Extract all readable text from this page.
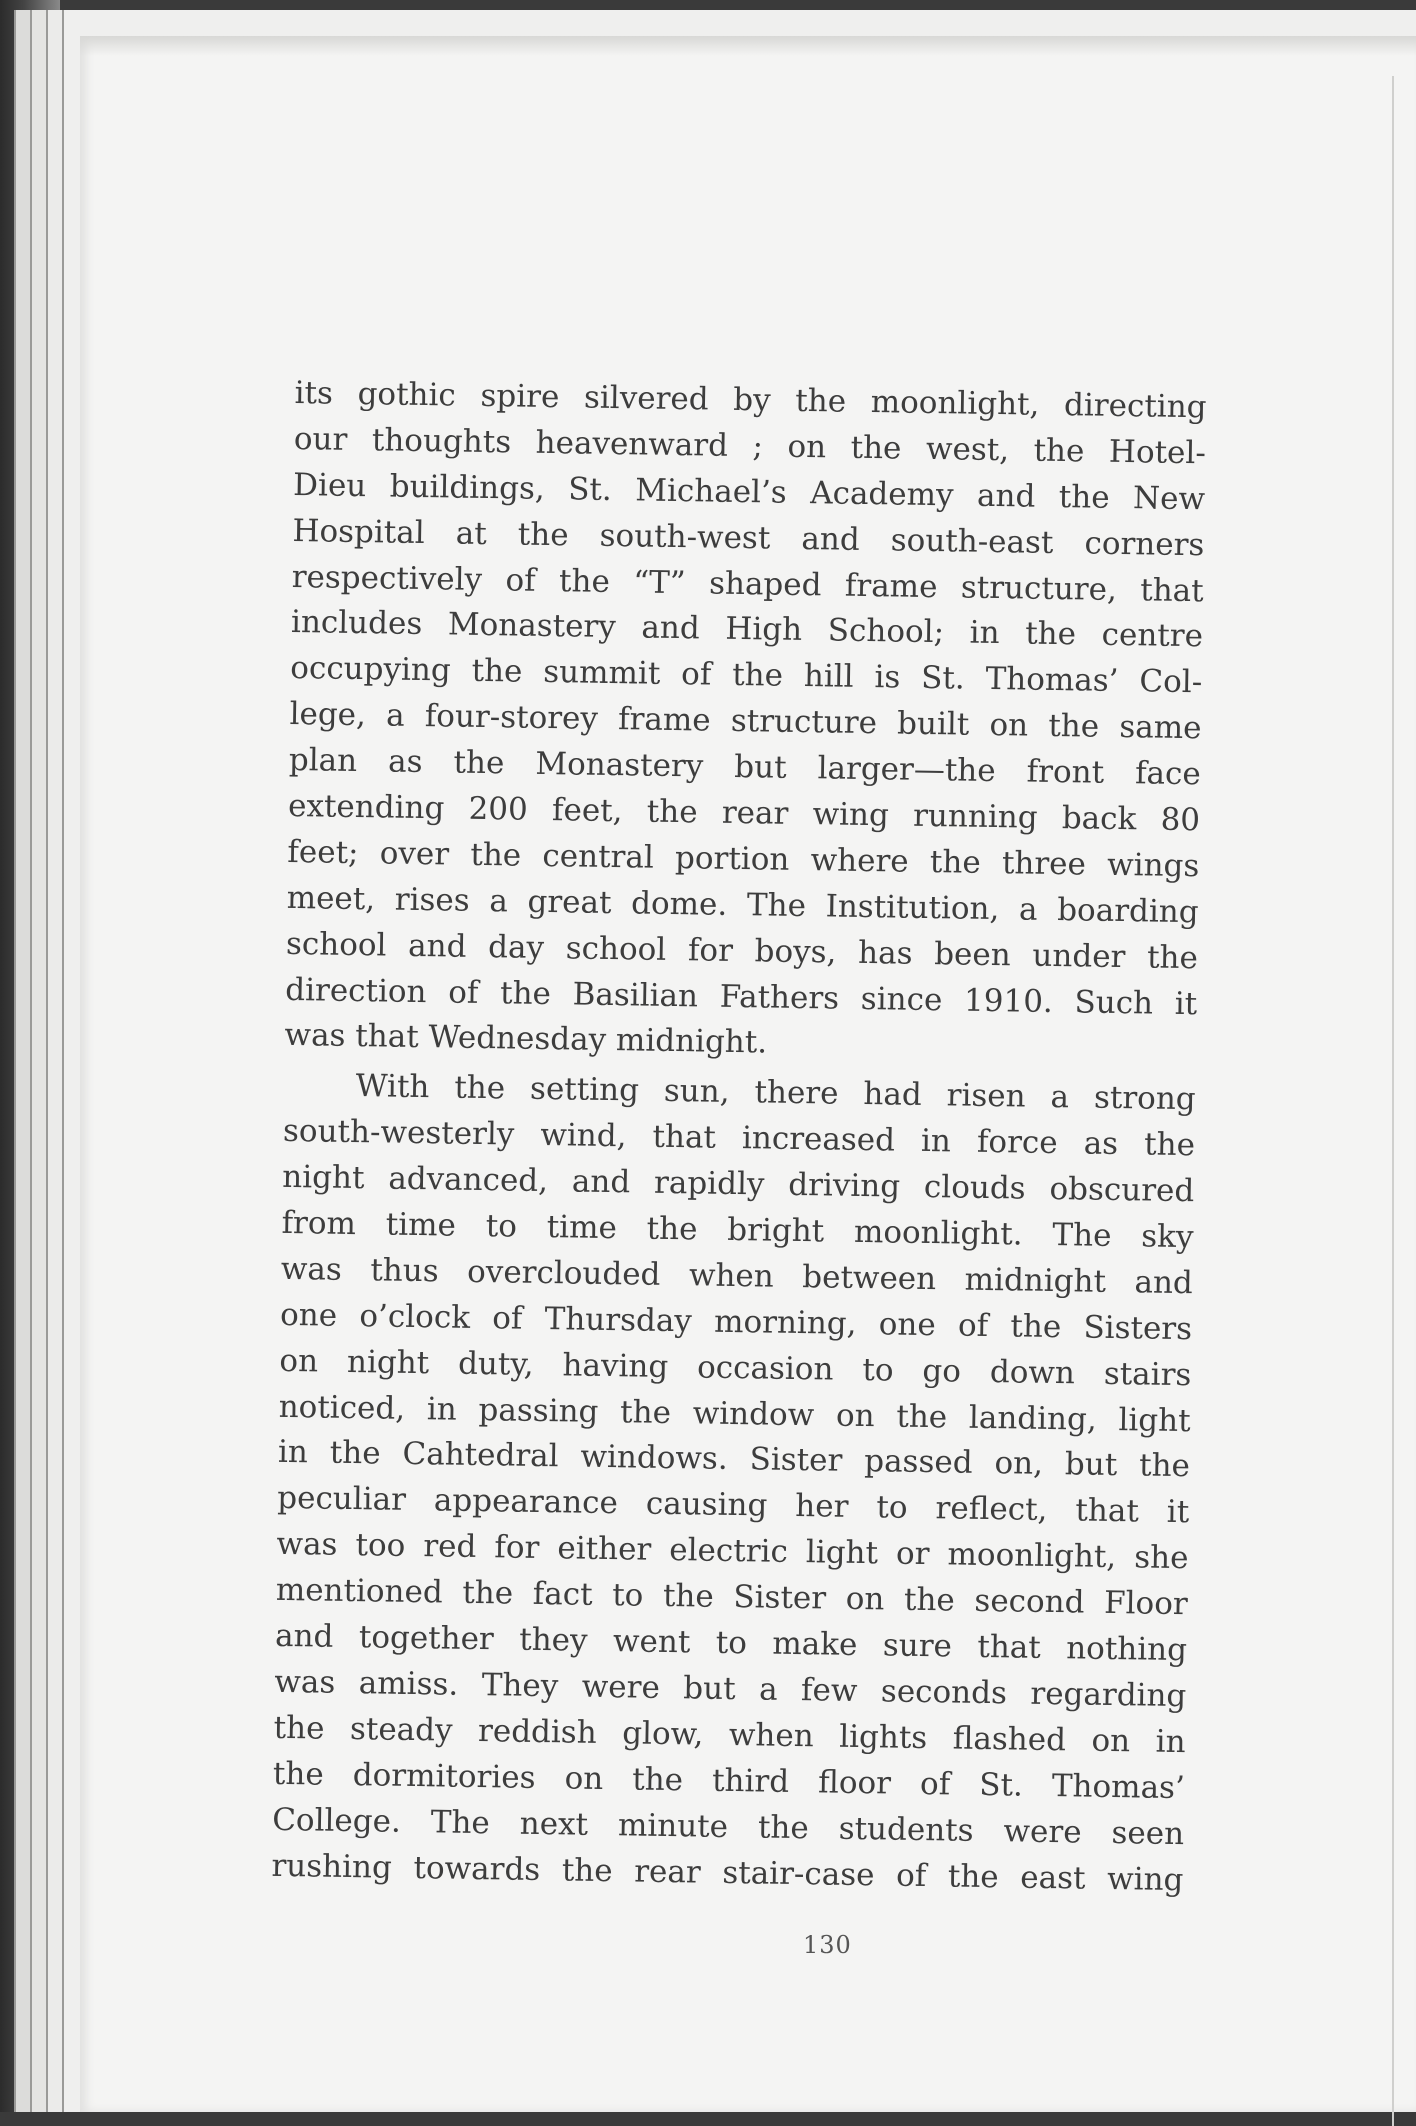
its gothic spire silvered by the moonlight, directing
our thoughts heavenward ; on the west, the Hotel-
Dieu buildings, St. Michael’s Academy and the New
Hospital at the south-west and south-east corners
respectively of the “T” shaped frame structure, that
includes Monastery and High School; in the centre
occupying the summit of the hill is St. Thomas’ Col-
lege, a four-storey frame structure built on the same
plan as the Monastery but larger—the front face
extending 200 feet, the rear wing running back 80
feet; over the central portion where the three wings
meet, rises a great dome. The Institution, a boarding
school and day school for boys, has been under the
direction of the Basilian Fathers since 1910. Such it
was that Wednesday midnight.
With the setting sun, there had risen a strong
south-westerly wind, that increased in force as the
night advanced, and rapidly driving clouds obscured
from time to time the bright moonlight. The sky
was thus overclouded when between midnight and
one o’clock of Thursday morning, one of the Sisters
on night duty, having occasion to go down stairs
noticed, in passing the window on the landing, light
in the Cahtedral windows. Sister passed on, but the
peculiar appearance causing her to reflect, that it
was too red for either electric light or moonlight, she
mentioned the fact to the Sister on the second Floor
and together they went to make sure that nothing
was amiss. They were but a few seconds regarding
the steady reddish glow, when lights flashed on in
the dormitories on the third floor of St. Thomas’
College. The next minute the students were seen
rushing towards the rear stair-case of the east wing
130
